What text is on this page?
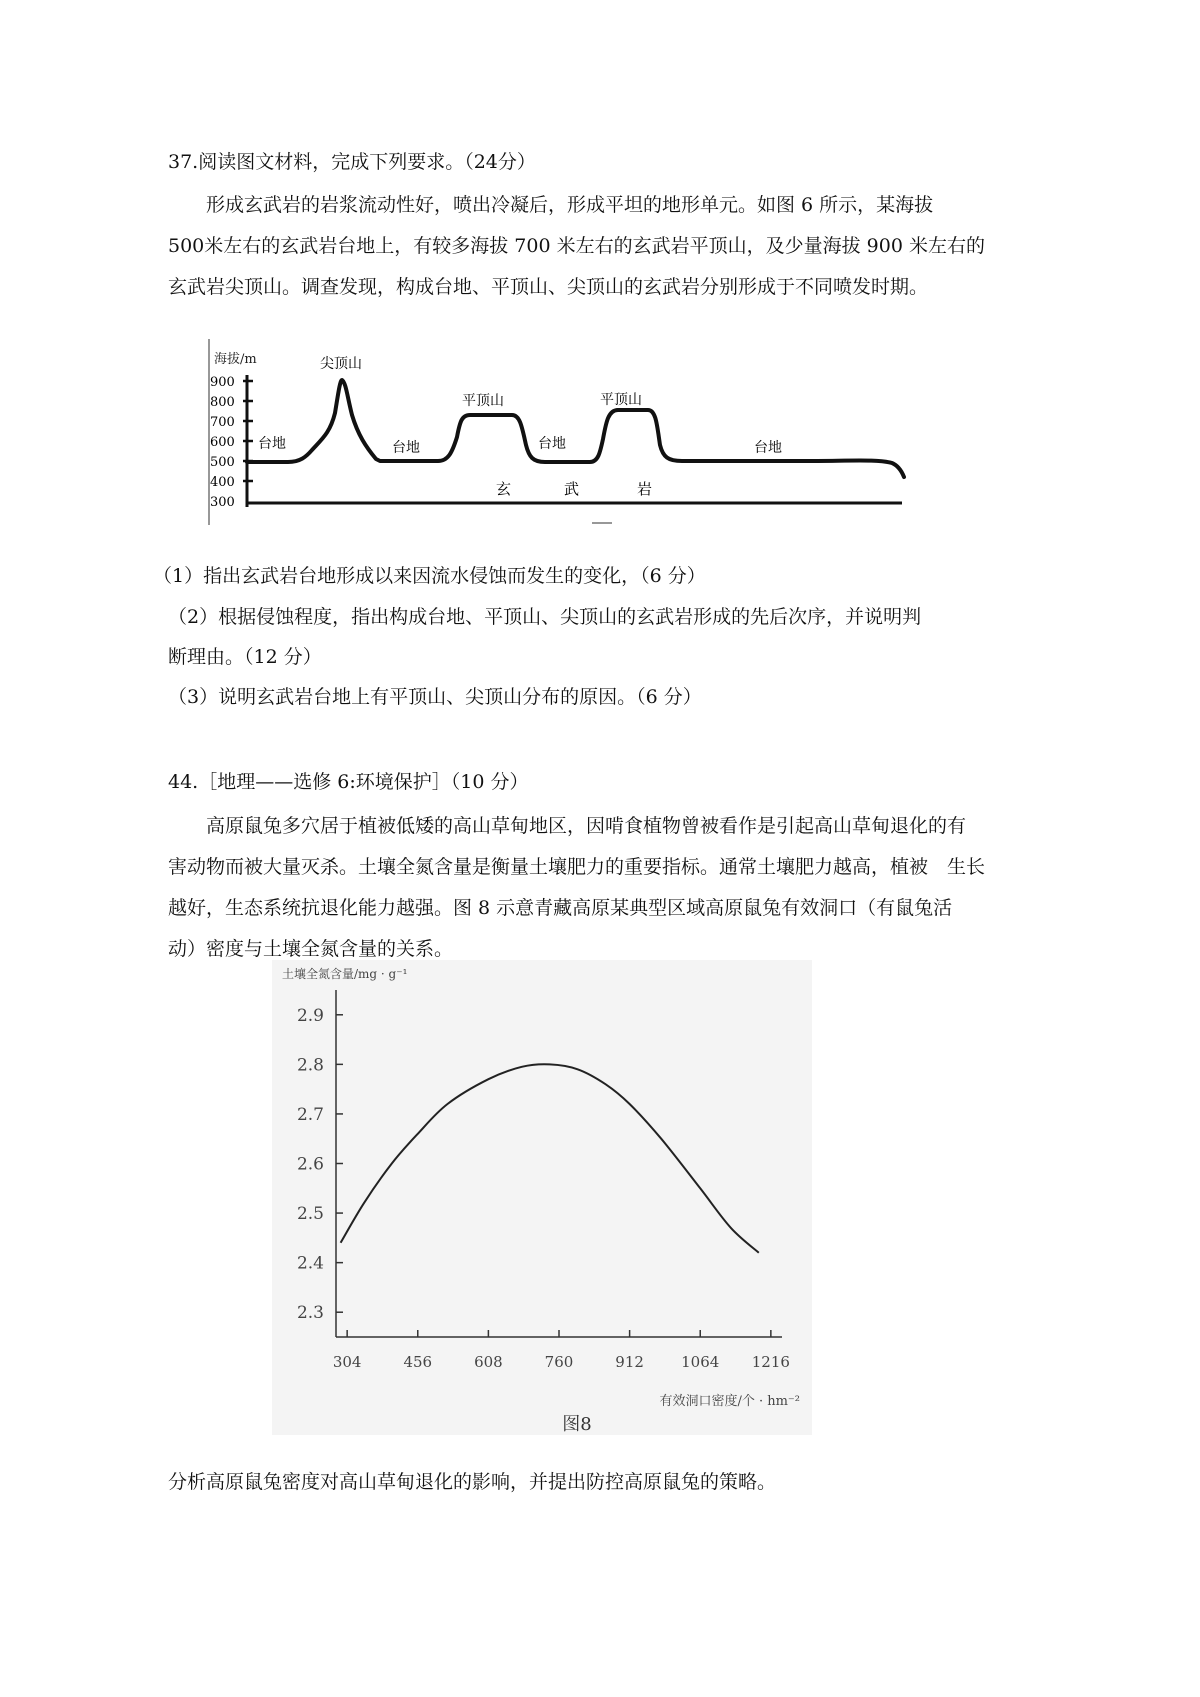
37.阅读图文材料，完成下列要求。（24分）

形成玄武岩的岩浆流动性好，喷出冷凝后，形成平坦的地形单元。如图 6 所示，某海拔

500米左右的玄武岩台地上，有较多海拔 700 米左右的玄武岩平顶山，及少量海拔 900 米左右的

玄武岩尖顶山。调查发现，构成台地、平顶山、尖顶山的玄武岩分别形成于不同喷发时期。

海拔/m
900
800
700
600
500
400
300
尖顶山
平顶山	平顶山
台地	台地	台地	台地
玄	武	岩
（1）指出玄武岩台地形成以来因流水侵蚀而发生的变化，（6 分）
（2）根据侵蚀程度，指出构成台地、平顶山、尖顶山的玄武岩形成的先后次序，并说明判
断理由。（12 分）
（3）说明玄武岩台地上有平顶山、尖顶山分布的原因。（6 分）
44.［地理——选修 6:环境保护］（10 分）

高原鼠兔多穴居于植被低矮的高山草甸地区，因啃食植物曾被看作是引起高山草甸退化的有

害动物而被大量灭杀。土壤全氮含量是衡量土壤肥力的重要指标。通常土壤肥力越高，植被　生长

越好，生态系统抗退化能力越强。图 8 示意青藏高原某典型区域高原鼠兔有效洞口（有鼠兔活

动）密度与土壤全氮含量的关系。

土壤全氮含量/mg · g⁻¹
2.9
2.8
2.7
2.6
2.5
2.4
2.3
304	456	608	760	912 1064 1216
有效洞口密度/个 · hm⁻²
图8
分析高原鼠兔密度对高山草甸退化的影响，并提出防控高原鼠兔的策略。
